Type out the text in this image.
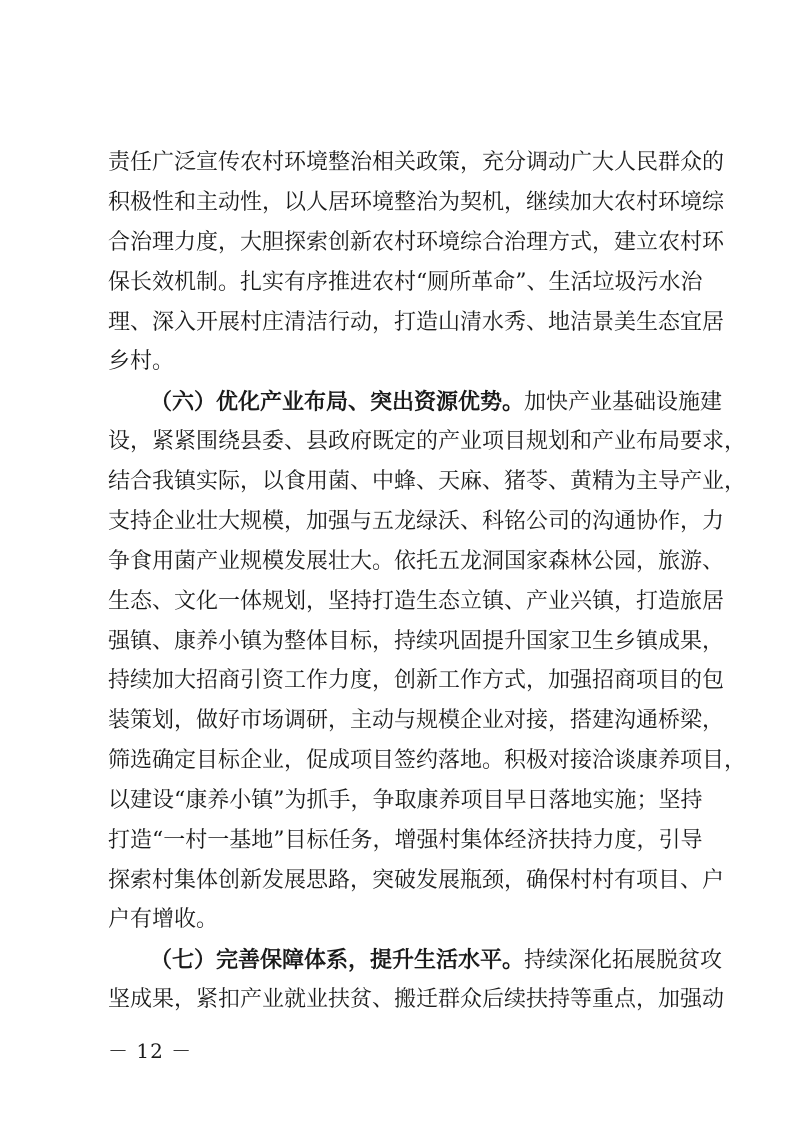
责任广泛宣传农村环境整治相关政策，充分调动广大人民群众的
积极性和主动性，以人居环境整治为契机，继续加大农村环境综
合治理力度，大胆探索创新农村环境综合治理方式，建立农村环
保长效机制。扎实有序推进农村“厕所革命”、生活垃圾污水治
理、深入开展村庄清洁行动，打造山清水秀、地洁景美生态宜居
乡村。
（六）优化产业布局、突出资源优势。加快产业基础设施建
设，紧紧围绕县委、县政府既定的产业项目规划和产业布局要求，
结合我镇实际，以食用菌、中蜂、天麻、猪苓、黄精为主导产业，
支持企业壮大规模，加强与五龙绿沃、科铭公司的沟通协作，力
争食用菌产业规模发展壮大。依托五龙洞国家森林公园，旅游、
生态、文化一体规划，坚持打造生态立镇、产业兴镇，打造旅居
强镇、康养小镇为整体目标，持续巩固提升国家卫生乡镇成果，
持续加大招商引资工作力度，创新工作方式，加强招商项目的包
装策划，做好市场调研，主动与规模企业对接，搭建沟通桥梁，
筛选确定目标企业，促成项目签约落地。积极对接洽谈康养项目，
以建设“康养小镇”为抓手，争取康养项目早日落地实施；坚持
打造“一村一基地”目标任务，增强村集体经济扶持力度，引导
探索村集体创新发展思路，突破发展瓶颈，确保村村有项目、户
户有增收。
（七）完善保障体系，提升生活水平。持续深化拓展脱贫攻
坚成果，紧扣产业就业扶贫、搬迁群众后续扶持等重点，加强动
－ 12 －
